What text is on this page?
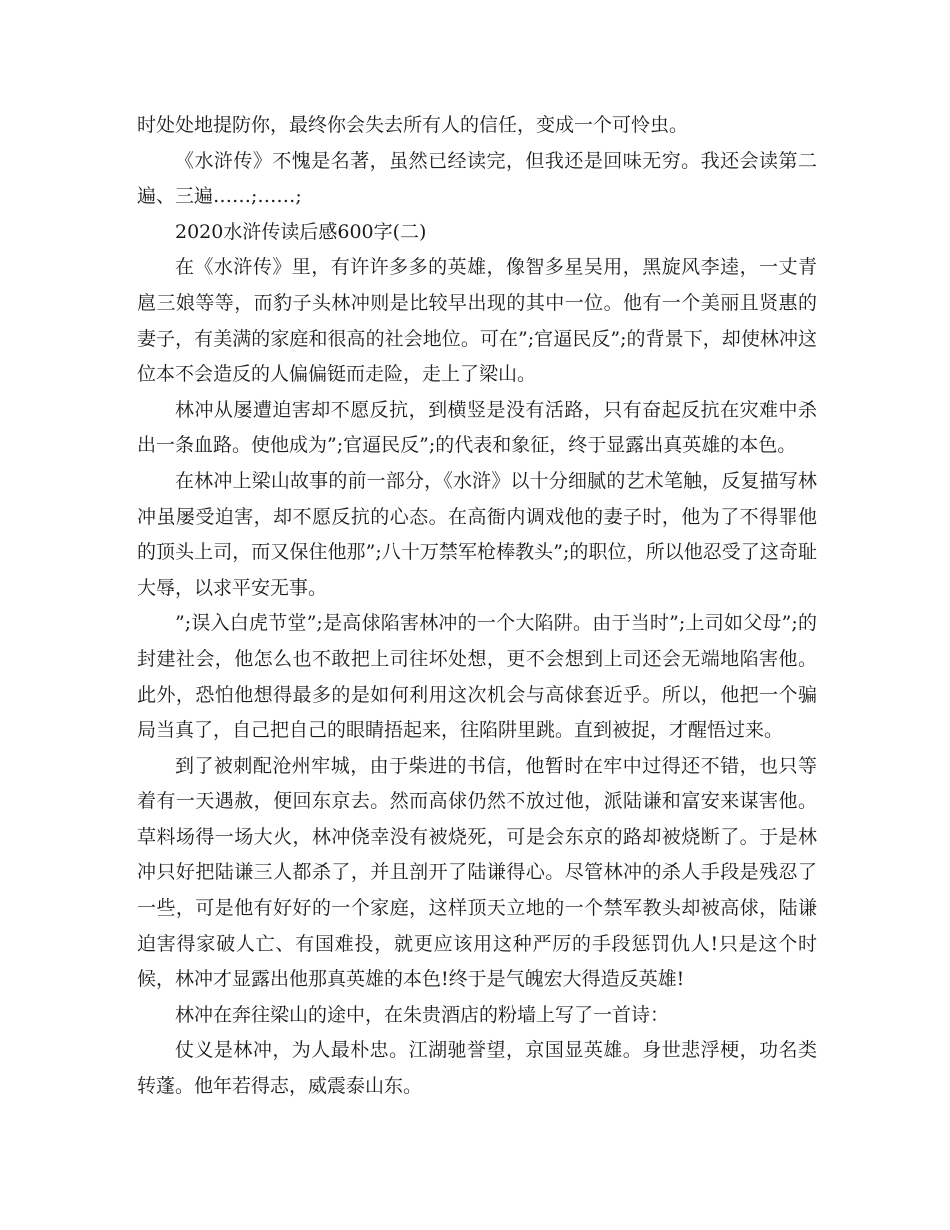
时处处地提防你，最终你会失去所有人的信任，变成一个可怜虫。

《水浒传》不愧是名著，虽然已经读完，但我还是回味无穷。我还会读第二遍、三遍……;……;

2020水浒传读后感600字(二)

在《水浒传》里，有许许多多的英雄，像智多星吴用，黑旋风李逵，一丈青扈三娘等等，而豹子头林冲则是比较早出现的其中一位。他有一个美丽且贤惠的妻子，有美满的家庭和很高的社会地位。可在”;官逼民反”;的背景下，却使林冲这位本不会造反的人偏偏铤而走险，走上了梁山。

林冲从屡遭迫害却不愿反抗，到横竖是没有活路，只有奋起反抗在灾难中杀出一条血路。使他成为”;官逼民反”;的代表和象征，终于显露出真英雄的本色。

在林冲上梁山故事的前一部分，《水浒》以十分细腻的艺术笔触，反复描写林冲虽屡受迫害，却不愿反抗的心态。在高衙内调戏他的妻子时，他为了不得罪他的顶头上司，而又保住他那”;八十万禁军枪棒教头”;的职位，所以他忍受了这奇耻大辱，以求平安无事。

”;误入白虎节堂”;是高俅陷害林冲的一个大陷阱。由于当时”;上司如父母”;的封建社会，他怎么也不敢把上司往坏处想，更不会想到上司还会无端地陷害他。此外，恐怕他想得最多的是如何利用这次机会与高俅套近乎。所以，他把一个骗局当真了，自己把自己的眼睛捂起来，往陷阱里跳。直到被捉，才醒悟过来。

到了被刺配沧州牢城，由于柴进的书信，他暂时在牢中过得还不错，也只等着有一天遇赦，便回东京去。然而高俅仍然不放过他，派陆谦和富安来谋害他。草料场得一场大火，林冲侥幸没有被烧死，可是会东京的路却被烧断了。于是林冲只好把陆谦三人都杀了，并且剖开了陆谦得心。尽管林冲的杀人手段是残忍了一些，可是他有好好的一个家庭，这样顶天立地的一个禁军教头却被高俅，陆谦迫害得家破人亡、有国难投，就更应该用这种严厉的手段惩罚仇人!只是这个时候，林冲才显露出他那真英雄的本色!终于是气魄宏大得造反英雄!

林冲在奔往梁山的途中，在朱贵酒店的粉墙上写了一首诗：

仗义是林冲，为人最朴忠。江湖驰誉望，京国显英雄。身世悲浮梗，功名类转蓬。他年若得志，威震泰山东。
